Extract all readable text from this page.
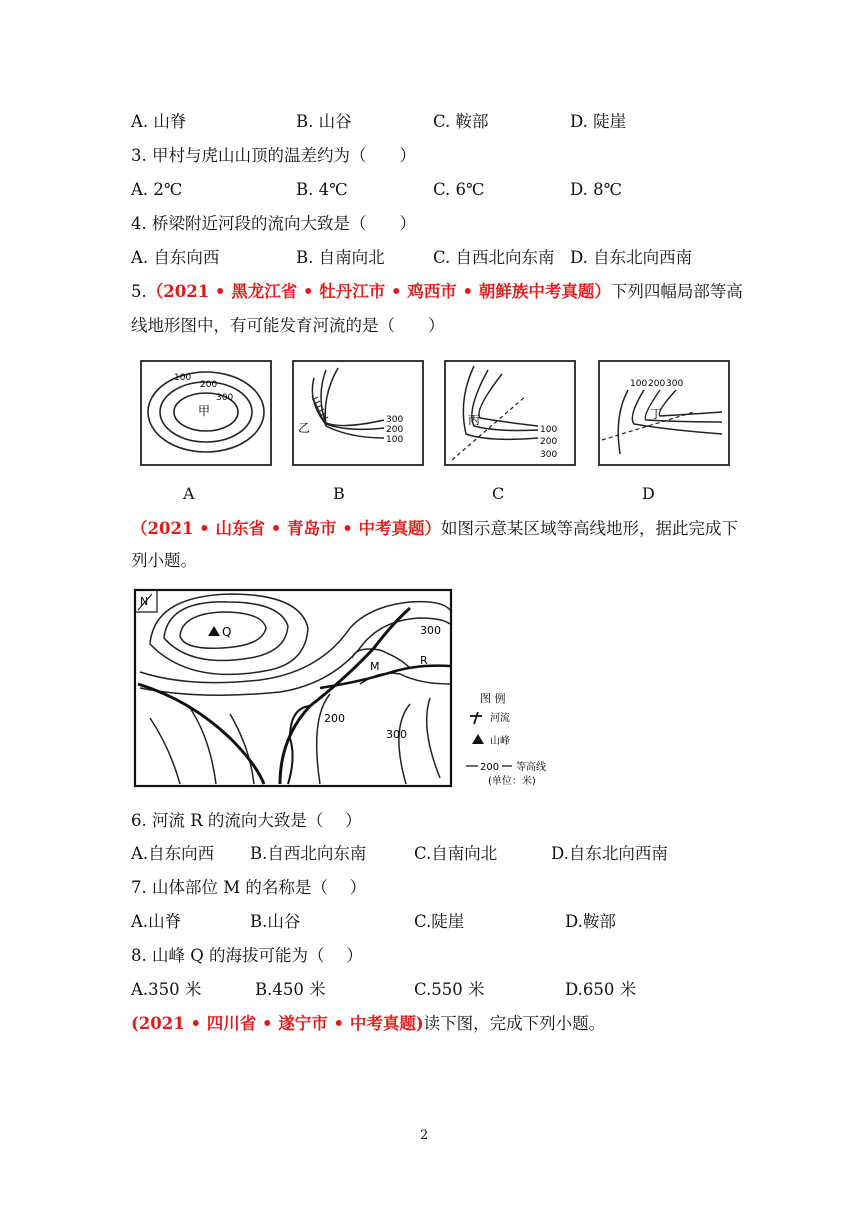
A. 山脊	B. 山谷	C. 鞍部	D. 陡崖
3. 甲村与虎山山顶的温差约为（　　）
A. 2℃	B. 4℃	C. 6℃	D. 8℃
4. 桥梁附近河段的流向大致是（　　）
A. 自东向西	B. 自南向北	C. 自西北向东南 D. 自东北向西南
5.（2021 • 黑龙江省 • 牡丹江市 • 鸡西市 • 朝鲜族中考真题）下列四幅局部等高
线地形图中，有可能发育河流的是（　　）
100
200
300
甲
乙
300
200
100
丙
100
200
300
100 200 300
丁
A	B	C	D
（2021 • 山东省 • 青岛市 • 中考真题）如图示意某区域等高线地形，据此完成下
列小题。
N
Q	300
M	R
200
300
图 例
河流
山峰
200 等高线
(单位：米)
6. 河流 R 的流向大致是（　 ）
A.自东向西 B.自西北向东南	C.自南向北	D.自东北向西南
7. 山体部位 M 的名称是（　 ）
A.山脊	B.山谷	C.陡崖	D.鞍部
8. 山峰 Q 的海拔可能为（　 ）
A.350 米	B.450 米	C.550 米	D.650 米
(2021 • 四川省 • 遂宁市 • 中考真题)读下图，完成下列小题。
2
